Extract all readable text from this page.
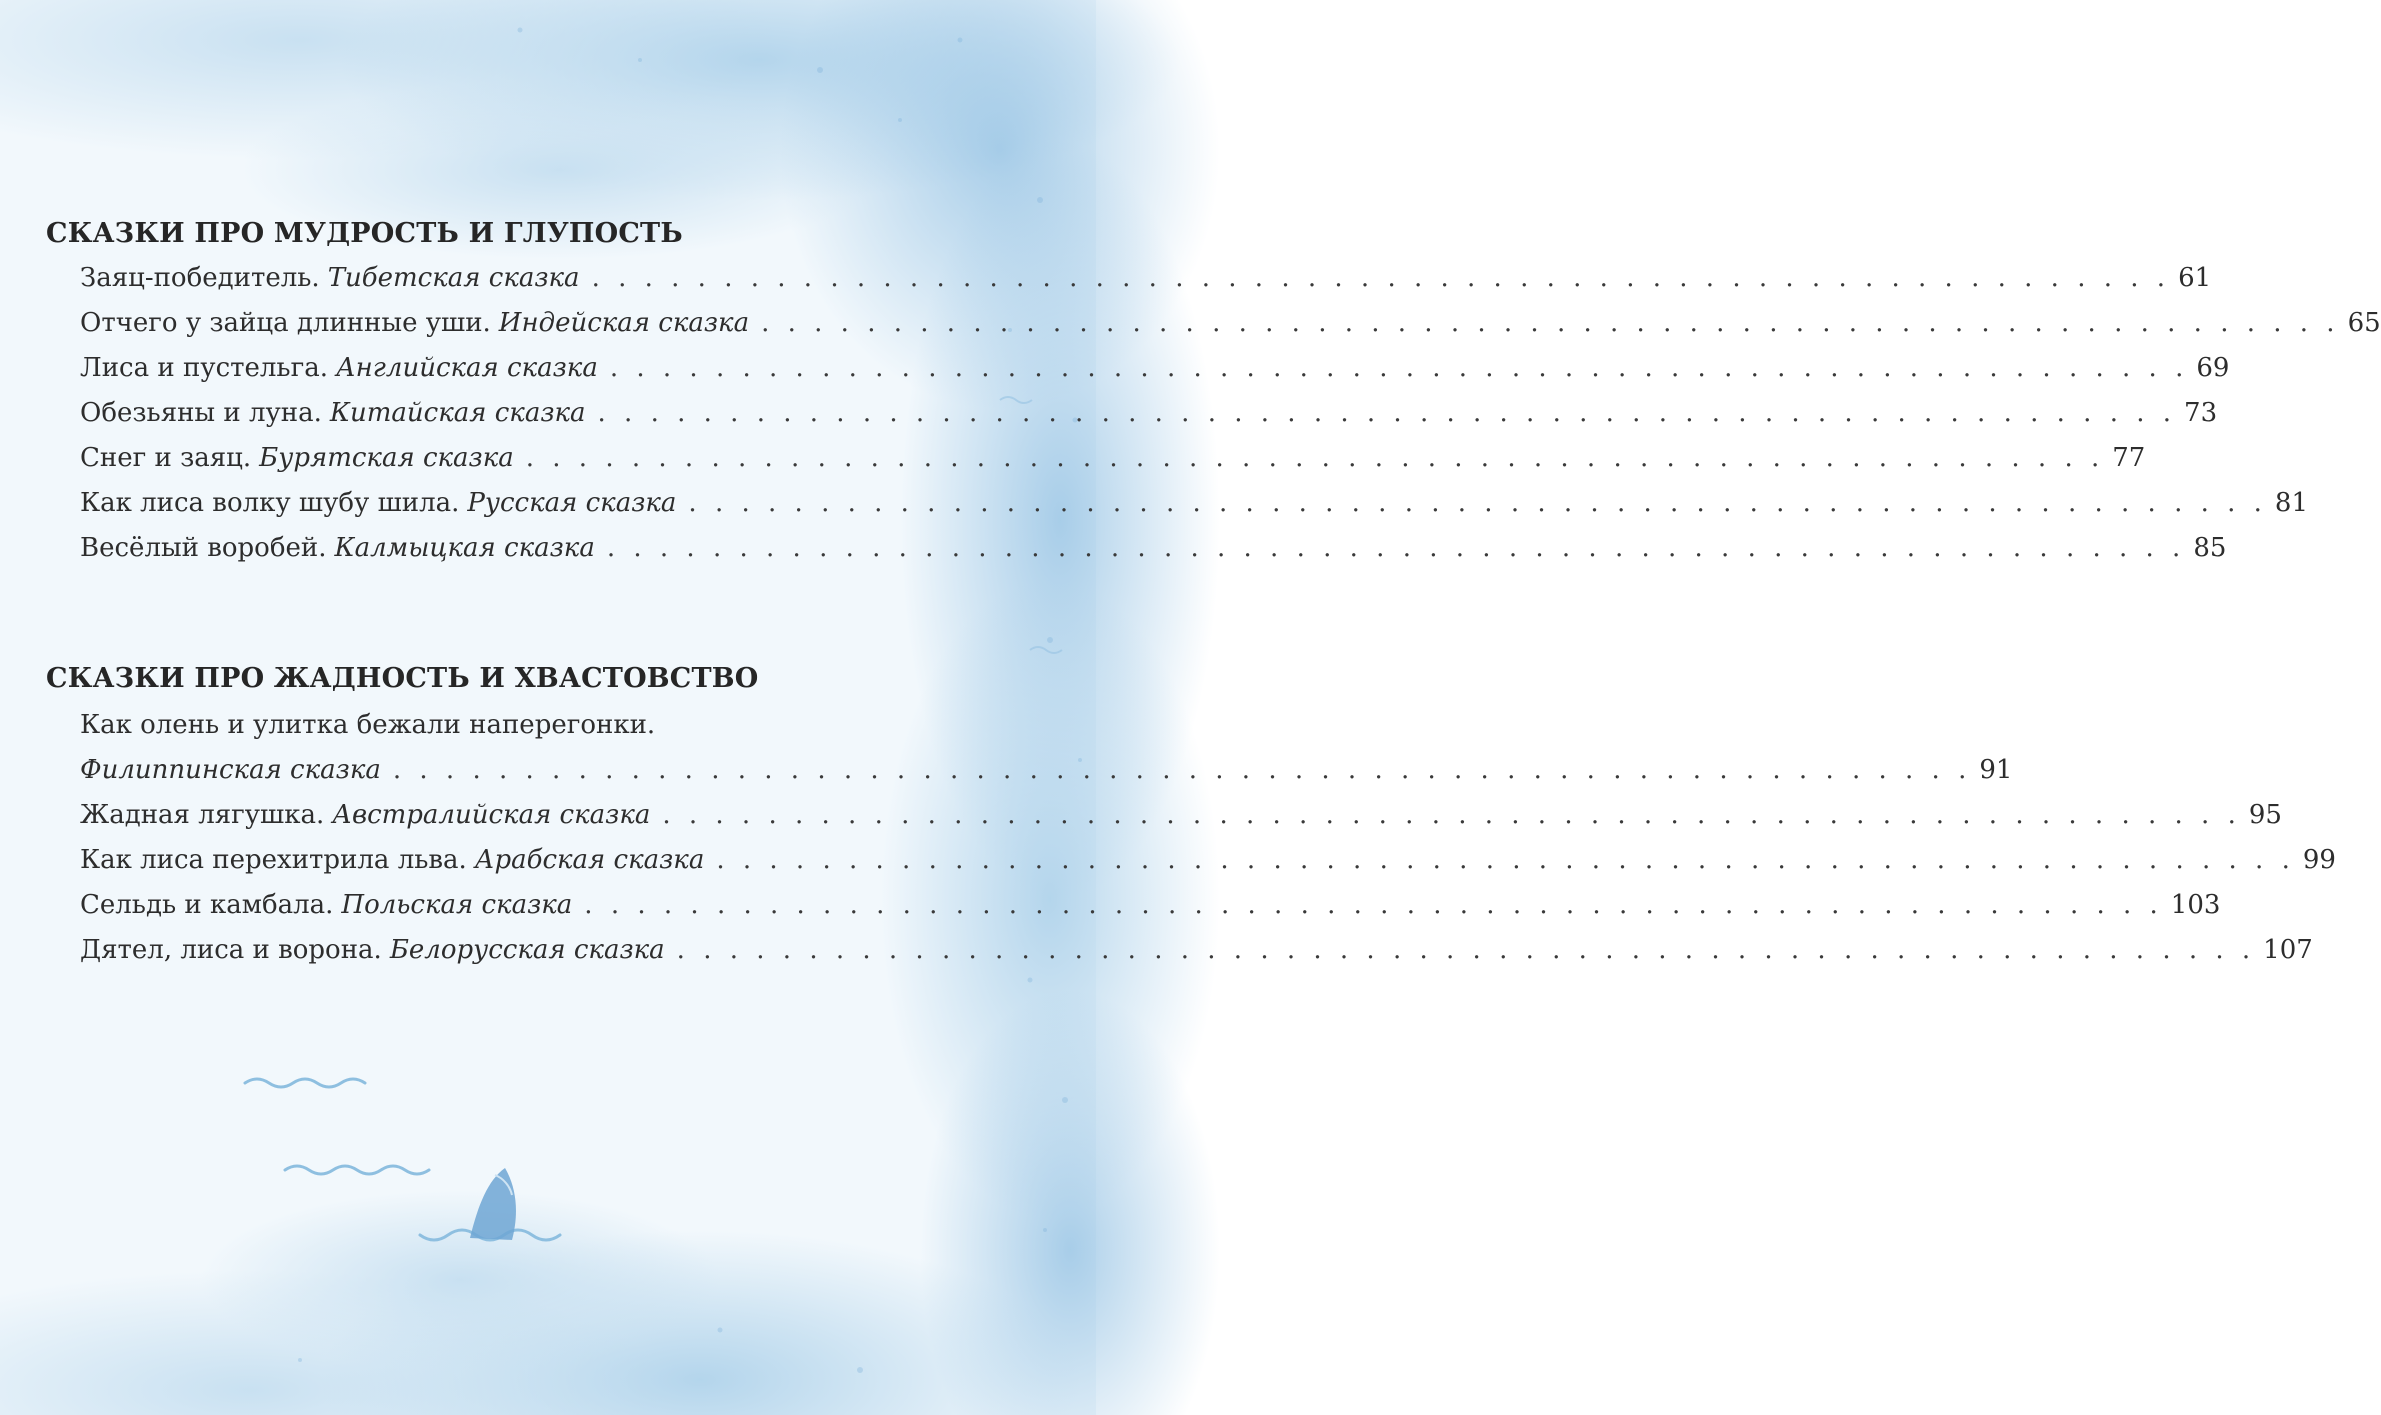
СКАЗКИ ПРО МУДРОСТЬ И ГЛУПОСТЬ
Заяц-победитель. Тибетская сказка . . . . . . . . . . . . . . . . . . . . . . . . . . . . . . . . . . . . . . . . . . . . . . . . . . . . . . . . . . . . 61
Отчего у зайца длинные уши. Индейская сказка . . . . . . . . . . . . . . . . . . . . . . . . . . . . . . . . . . . . . . . . . . . . . . . . . . . . . . . . . . . . 65
Лиса и пустельга. Английская сказка . . . . . . . . . . . . . . . . . . . . . . . . . . . . . . . . . . . . . . . . . . . . . . . . . . . . . . . . . . . . 69
Обезьяны и луна. Китайская сказка . . . . . . . . . . . . . . . . . . . . . . . . . . . . . . . . . . . . . . . . . . . . . . . . . . . . . . . . . . . . 73
Снег и заяц. Бурятская сказка . . . . . . . . . . . . . . . . . . . . . . . . . . . . . . . . . . . . . . . . . . . . . . . . . . . . . . . . . . . . 77
Как лиса волку шубу шила. Русская сказка . . . . . . . . . . . . . . . . . . . . . . . . . . . . . . . . . . . . . . . . . . . . . . . . . . . . . . . . . . . . 81
Весёлый воробей. Калмыцкая сказка . . . . . . . . . . . . . . . . . . . . . . . . . . . . . . . . . . . . . . . . . . . . . . . . . . . . . . . . . . . . 85
СКАЗКИ ПРО ЖАДНОСТЬ И ХВАСТОВСТВО
Как олень и улитка бежали наперегонки.
Филиппинская сказка . . . . . . . . . . . . . . . . . . . . . . . . . . . . . . . . . . . . . . . . . . . . . . . . . . . . . . . . . . . . 91
Жадная лягушка. Австралийская сказка . . . . . . . . . . . . . . . . . . . . . . . . . . . . . . . . . . . . . . . . . . . . . . . . . . . . . . . . . . . . 95
Как лиса перехитрила льва. Арабская сказка . . . . . . . . . . . . . . . . . . . . . . . . . . . . . . . . . . . . . . . . . . . . . . . . . . . . . . . . . . . . 99
Сельдь и камбала. Польская сказка . . . . . . . . . . . . . . . . . . . . . . . . . . . . . . . . . . . . . . . . . . . . . . . . . . . . . . . . . . . . 103
Дятел, лиса и ворона. Белорусская сказка . . . . . . . . . . . . . . . . . . . . . . . . . . . . . . . . . . . . . . . . . . . . . . . . . . . . . . . . . . . . 107
